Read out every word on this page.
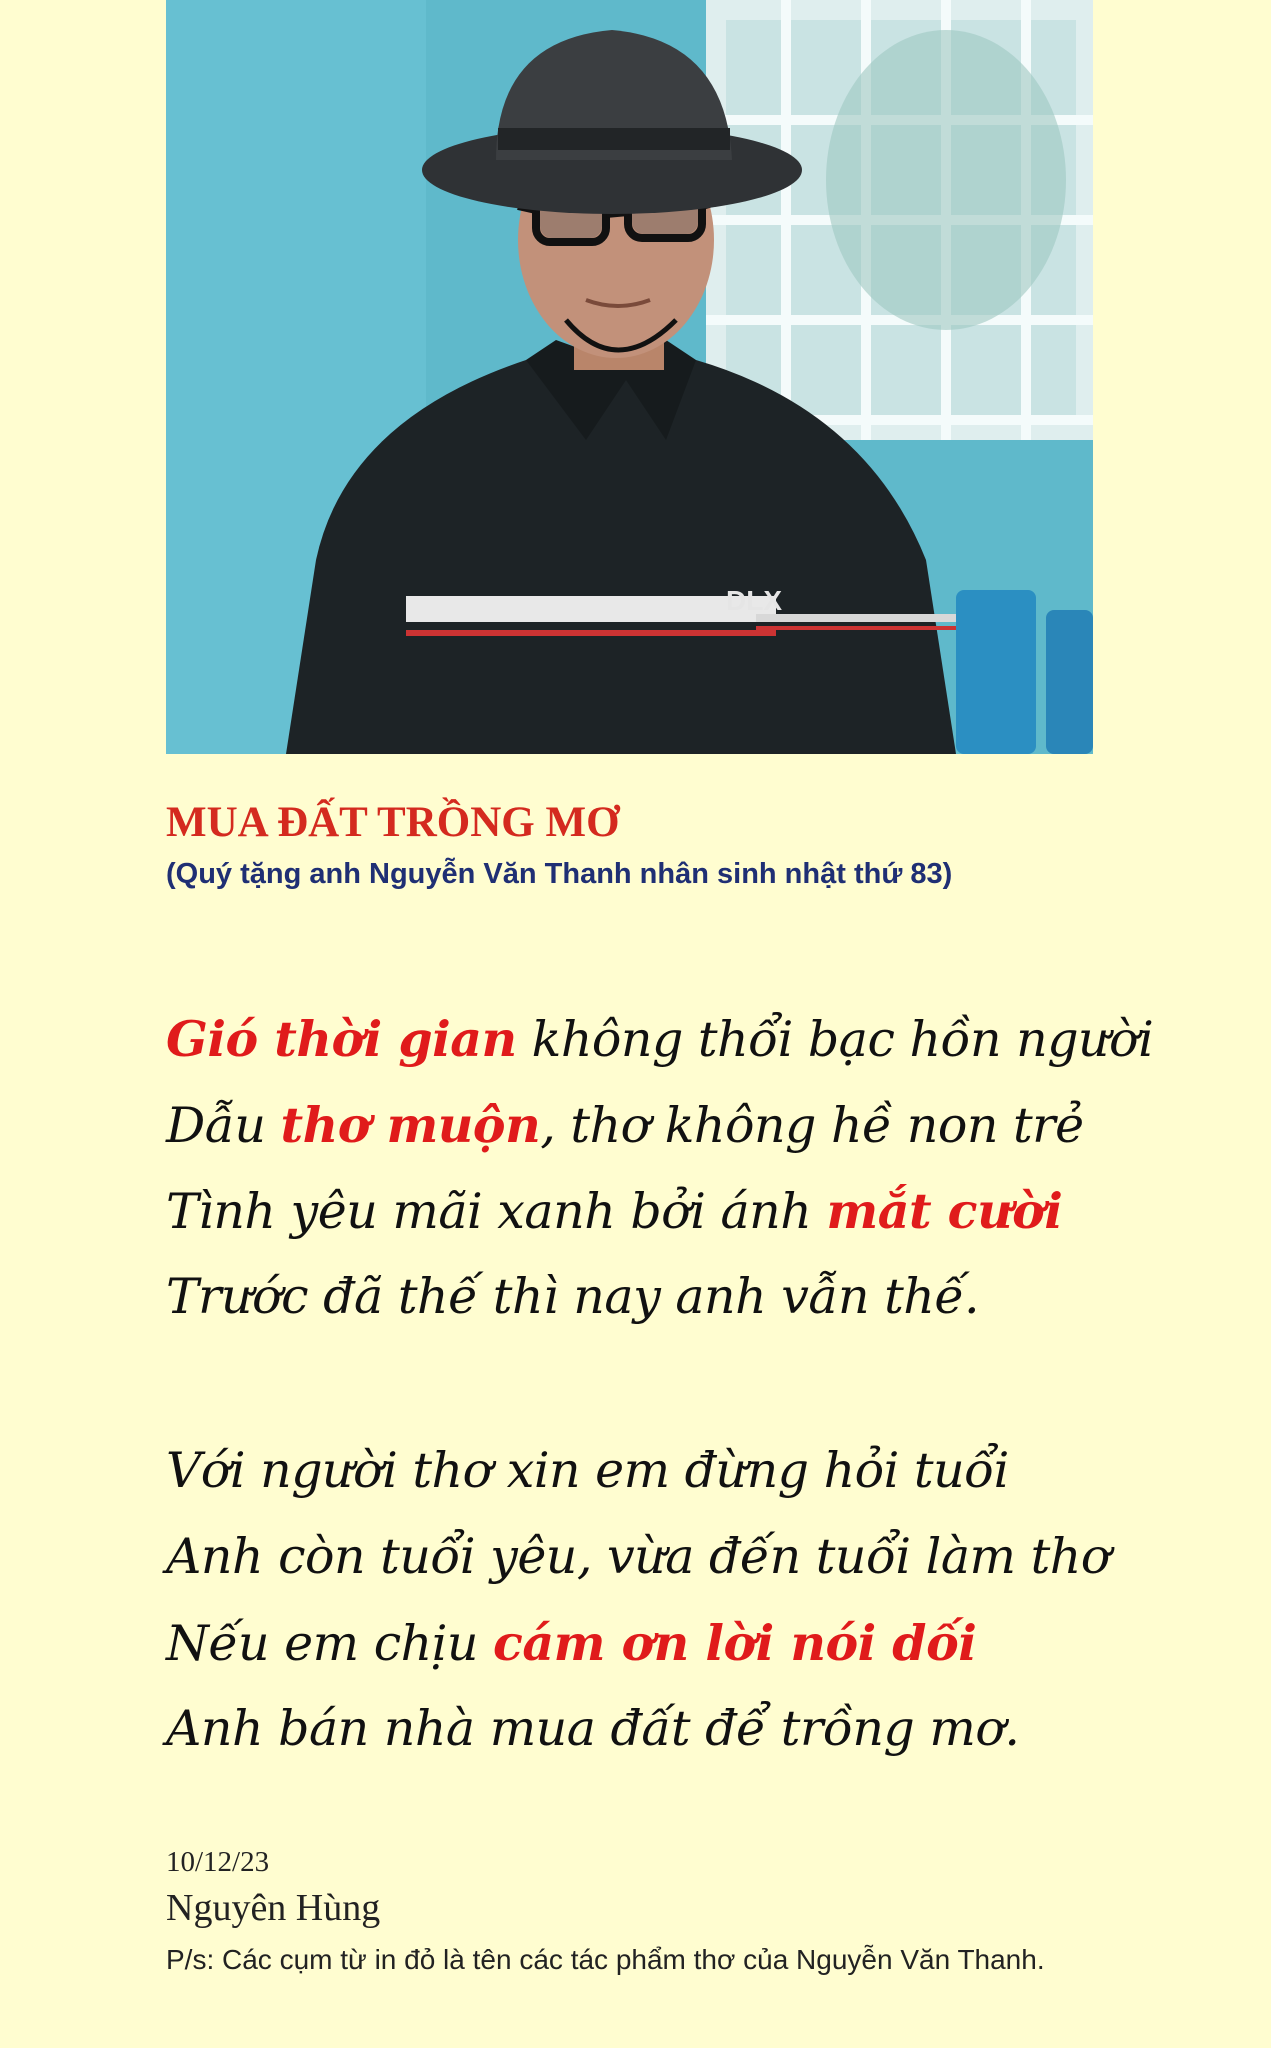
DLX
MUA ĐẤT TRỒNG MƠ
(Quý tặng anh Nguyễn Văn Thanh nhân sinh nhật thứ 83)
Gió thời gian không thổi bạc hồn người
Dẫu thơ muộn, thơ không hề non trẻ
Tình yêu mãi xanh bởi ánh mắt cười
Trước đã thế thì nay anh vẫn thế.
Với người thơ xin em đừng hỏi tuổi
Anh còn tuổi yêu, vừa đến tuổi làm thơ
Nếu em chịu cám ơn lời nói dối
Anh bán nhà mua đất để trồng mơ.
10/12/23
Nguyên Hùng
P/s: Các cụm từ in đỏ là tên các tác phẩm thơ của Nguyễn Văn Thanh.
